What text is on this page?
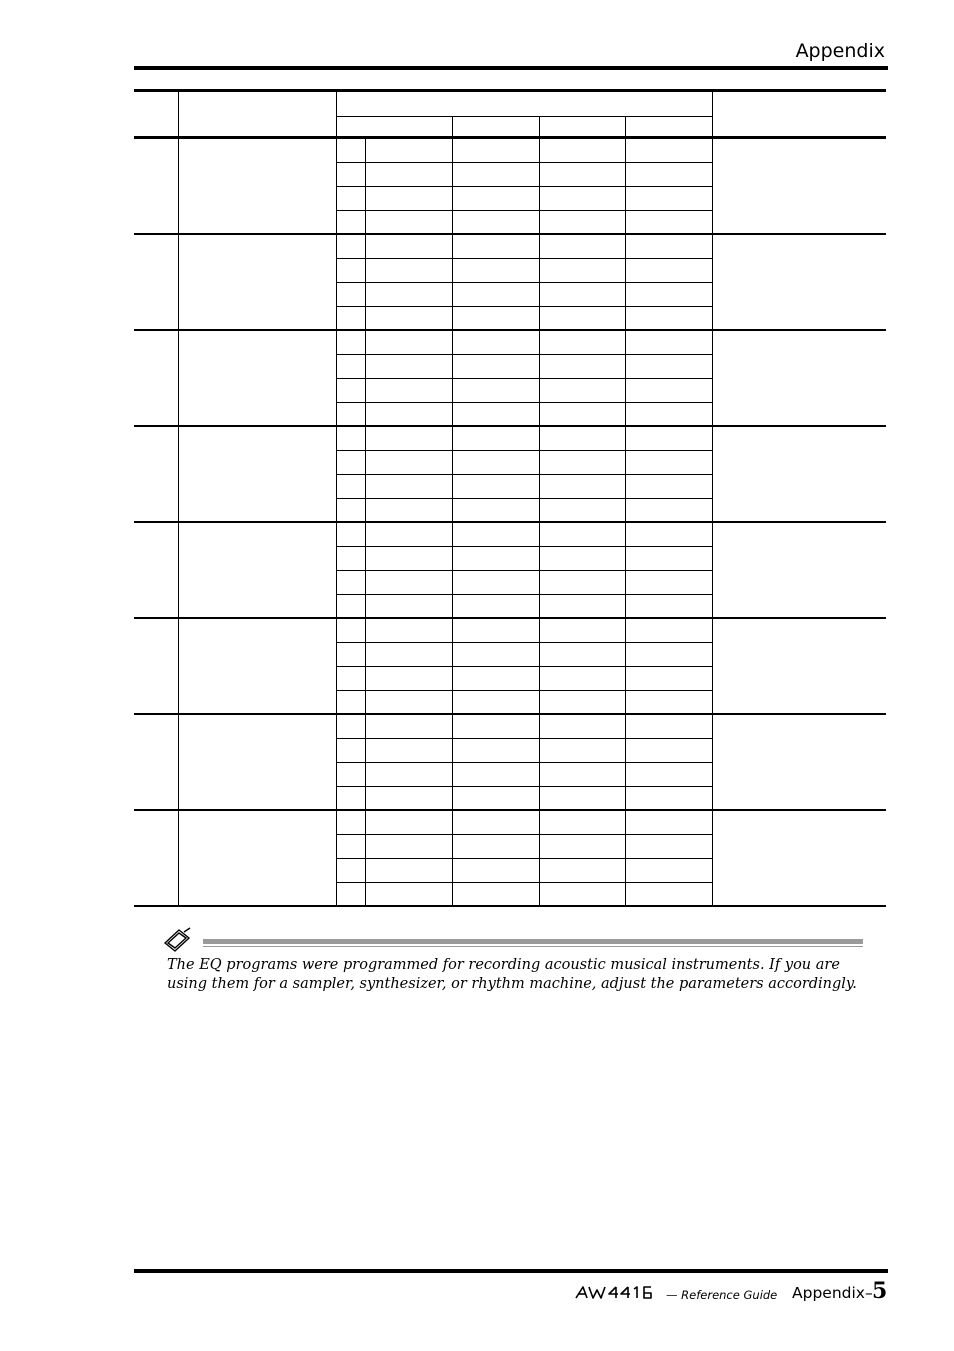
Appendix
The EQ programs were programmed for recording acoustic musical instruments. If you are using them for a sampler, synthesizer, or rhythm machine, adjust the parameters accordingly.
— Reference Guide Appendix– 5
